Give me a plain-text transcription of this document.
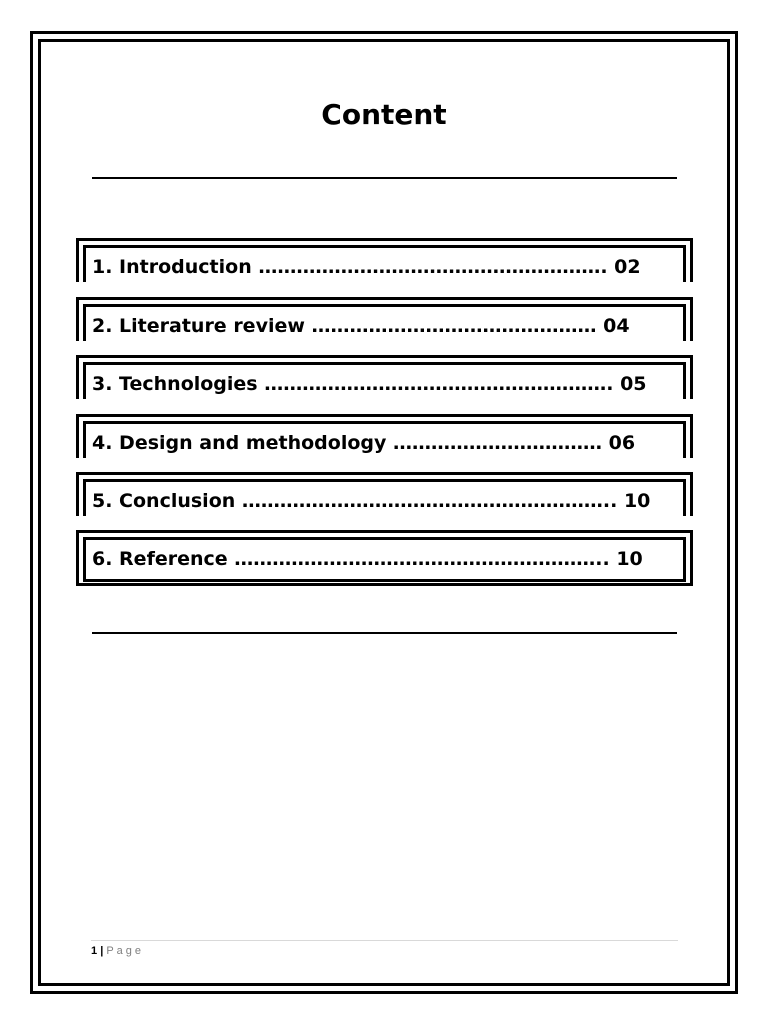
Content
1. Introduction ………………………………………………. 02
2. Literature review ……………………………………… 04
3. Technologies ………………………………………………. 05
4. Design and methodology …………………………… 06
5. Conclusion ………………………………………………….. 10
6. Reference ………………………………………………….. 10
1 | Page
